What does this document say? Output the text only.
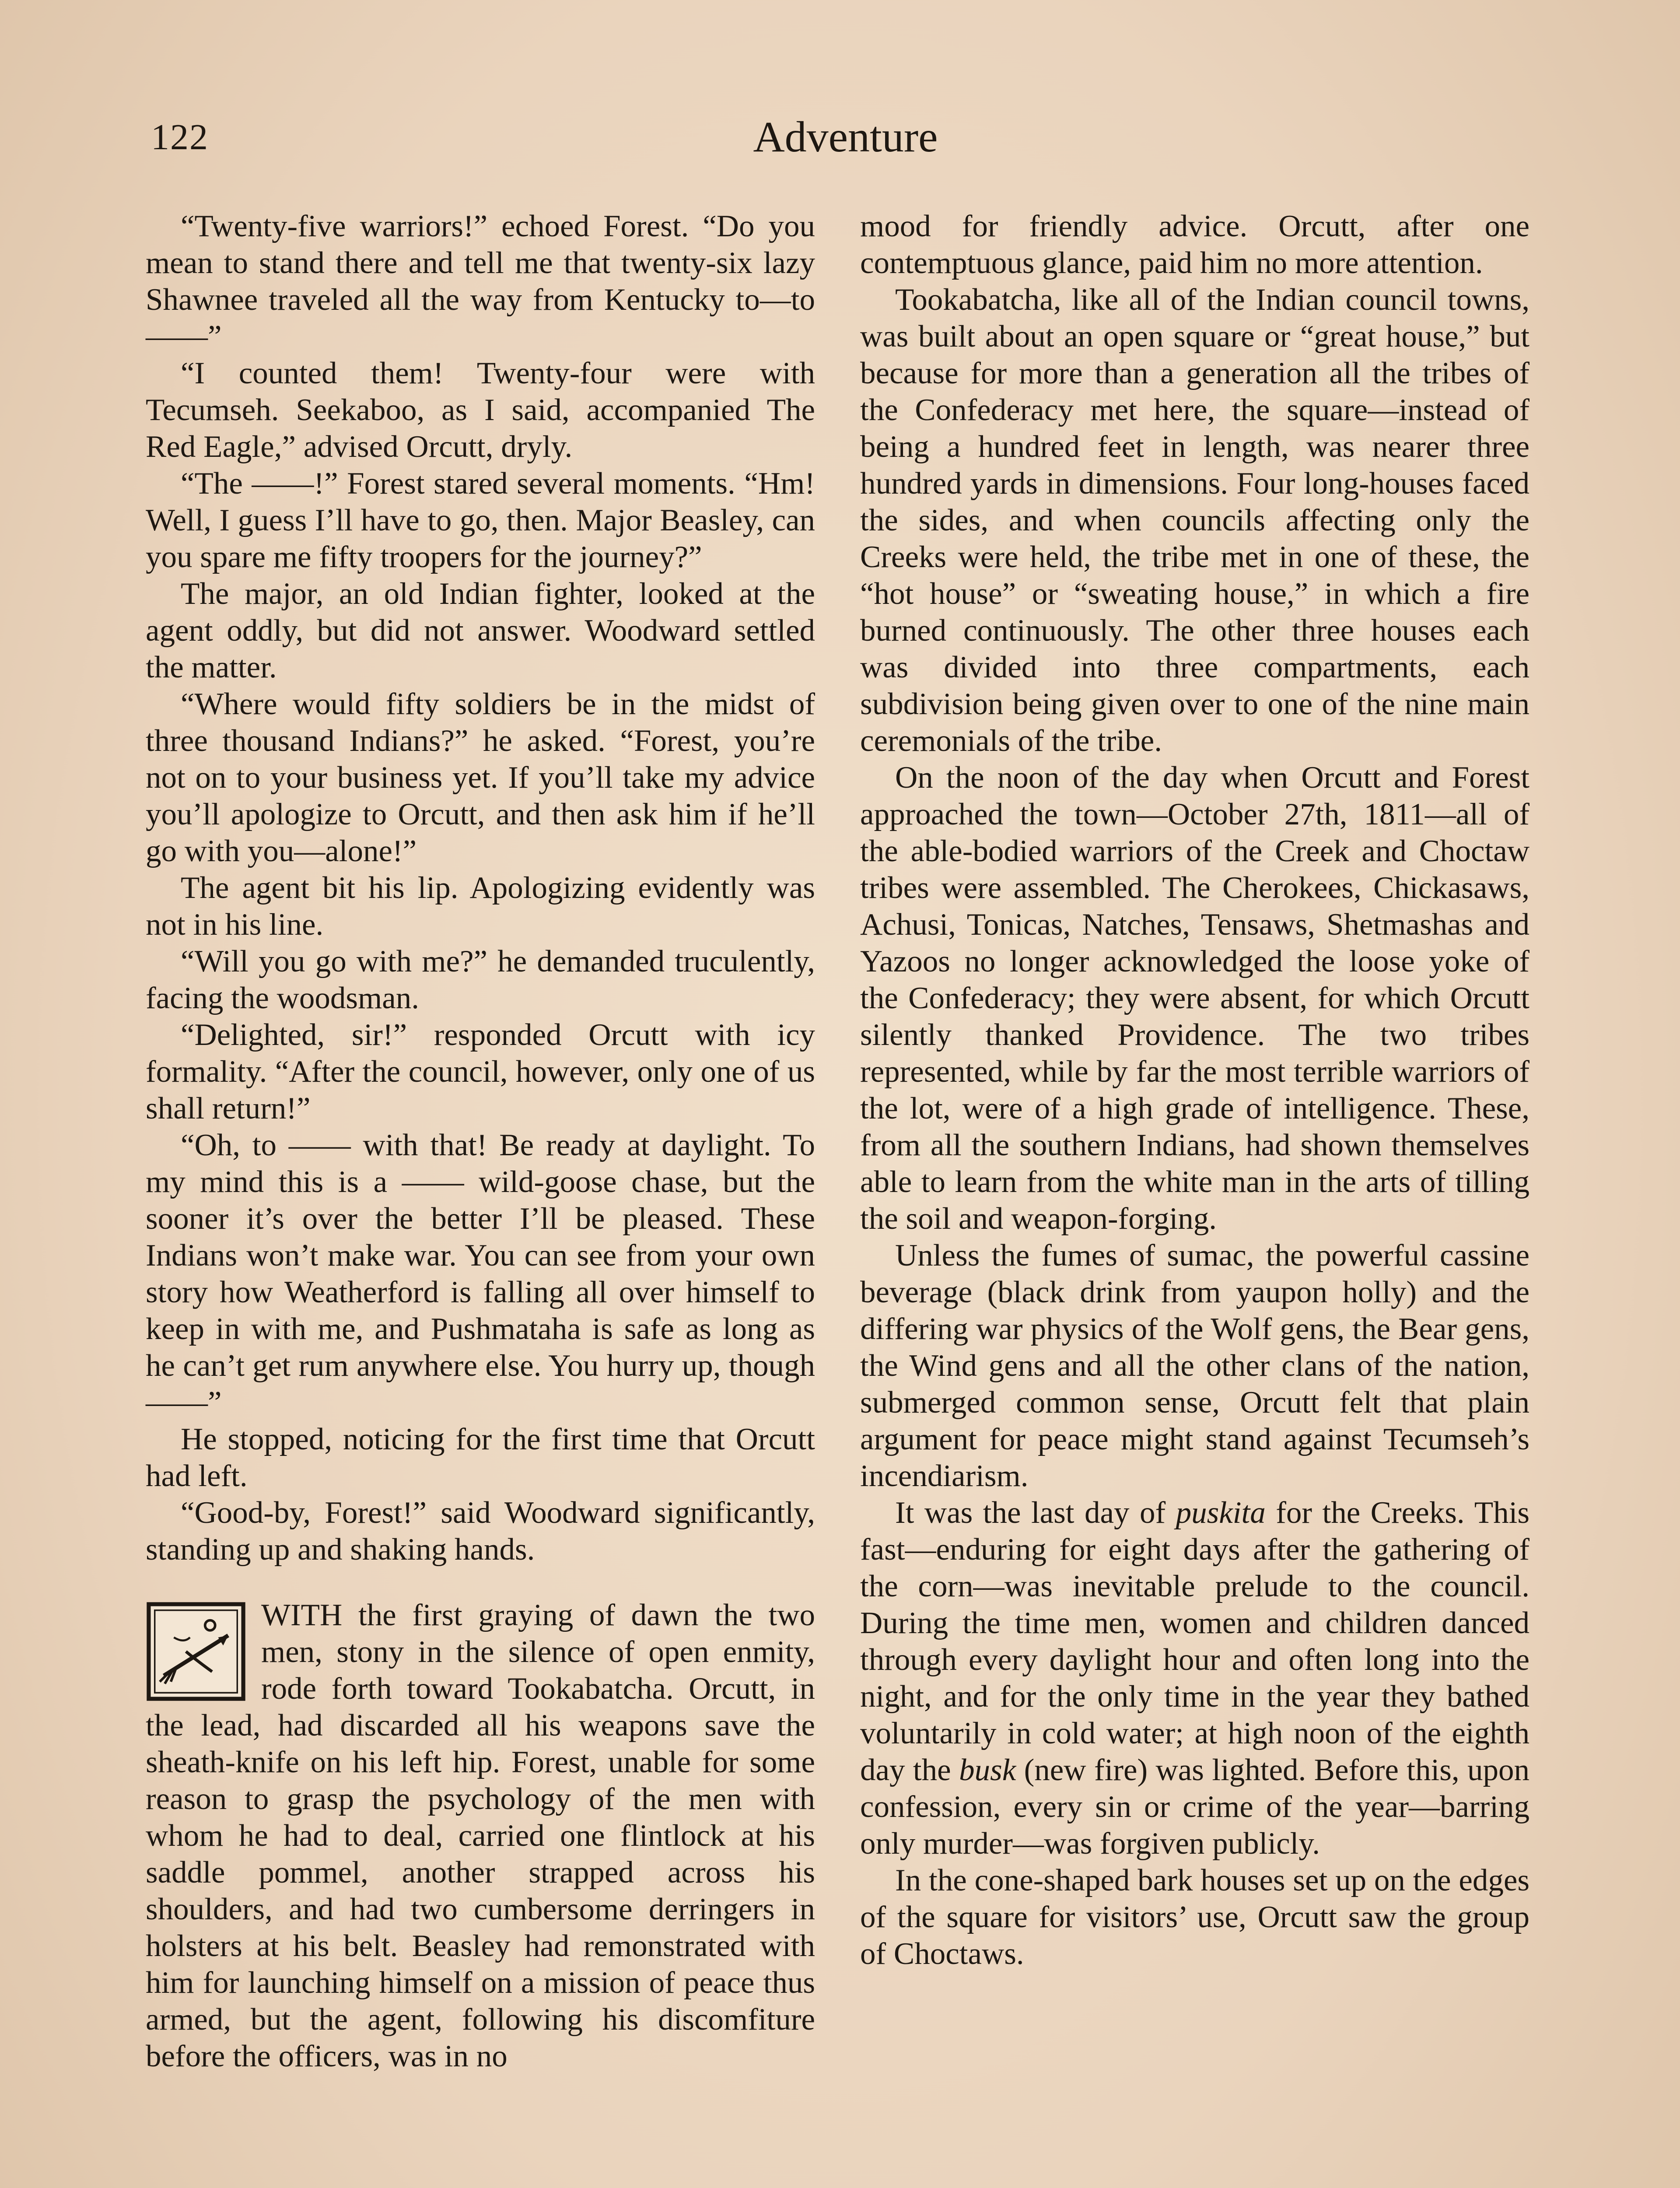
122	Adventure

“Twenty-five warriors!” echoed Forest. “Do you mean to stand there and tell me that twenty-six lazy Shawnee traveled all the way from Kentucky to—to——”

“I counted them! Twenty-four were with Tecumseh. Seekaboo, as I said, accompanied The Red Eagle,” advised Orcutt, dryly.

“The ——!” Forest stared several moments. “Hm! Well, I guess I’ll have to go, then. Major Beasley, can you spare me fifty troopers for the journey?”

The major, an old Indian fighter, looked at the agent oddly, but did not answer. Woodward settled the matter.

“Where would fifty soldiers be in the midst of three thousand Indians?” he asked. “Forest, you’re not on to your business yet. If you’ll take my advice you’ll apologize to Orcutt, and then ask him if he’ll go with you—alone!”

The agent bit his lip. Apologizing evidently was not in his line.

“Will you go with me?” he demanded truculently, facing the woodsman.

“Delighted, sir!” responded Orcutt with icy formality. “After the council, however, only one of us shall return!”

“Oh, to —— with that! Be ready at daylight. To my mind this is a —— wild-goose chase, but the sooner it’s over the better I’ll be pleased. These Indians won’t make war. You can see from your own story how Weatherford is falling all over himself to keep in with me, and Pushmataha is safe as long as he can’t get rum anywhere else. You hurry up, though——”

He stopped, noticing for the first time that Orcutt had left.

“Good-by, Forest!” said Woodward significantly, standing up and shaking hands.

WITH the first graying of dawn the two men, stony in the silence of open enmity, rode forth toward Tookabatcha. Orcutt, in the lead, had discarded all his weapons save the sheath-knife on his left hip. Forest, unable for some reason to grasp the psychology of the men with whom he had to deal, carried one flintlock at his saddle pommel, another strapped across his shoulders, and had two cumbersome derringers in holsters at his belt. Beasley had remonstrated with him for launching himself on a mission of peace thus armed, but the agent, following his discomfiture before the officers, was in no

mood for friendly advice. Orcutt, after one contemptuous glance, paid him no more attention.

Tookabatcha, like all of the Indian council towns, was built about an open square or “great house,” but because for more than a generation all the tribes of the Confederacy met here, the square—instead of being a hundred feet in length, was nearer three hundred yards in dimensions. Four long-houses faced the sides, and when councils affecting only the Creeks were held, the tribe met in one of these, the “hot house” or “sweating house,” in which a fire burned continuously. The other three houses each was divided into three compartments, each subdivision being given over to one of the nine main ceremonials of the tribe.

On the noon of the day when Orcutt and Forest approached the town—October 27th, 1811—all of the able-bodied warriors of the Creek and Choctaw tribes were assembled. The Cherokees, Chickasaws, Achusi, Tonicas, Natches, Tensaws, Shetmashas and Yazoos no longer acknowledged the loose yoke of the Confederacy; they were absent, for which Orcutt silently thanked Providence. The two tribes represented, while by far the most terrible warriors of the lot, were of a high grade of intelligence. These, from all the southern Indians, had shown themselves able to learn from the white man in the arts of tilling the soil and weapon-forging.

Unless the fumes of sumac, the powerful cassine beverage (black drink from yaupon holly) and the differing war physics of the Wolf gens, the Bear gens, the Wind gens and all the other clans of the nation, submerged common sense, Orcutt felt that plain argument for peace might stand against Tecumseh’s incendiarism.

It was the last day of puskita for the Creeks. This fast—enduring for eight days after the gathering of the corn—was inevitable prelude to the council. During the time men, women and children danced through every daylight hour and often long into the night, and for the only time in the year they bathed voluntarily in cold water; at high noon of the eighth day the busk (new fire) was lighted. Before this, upon confession, every sin or crime of the year—barring only murder—was forgiven publicly.

In the cone-shaped bark houses set up on the edges of the square for visitors’ use, Orcutt saw the group of Choctaws.
